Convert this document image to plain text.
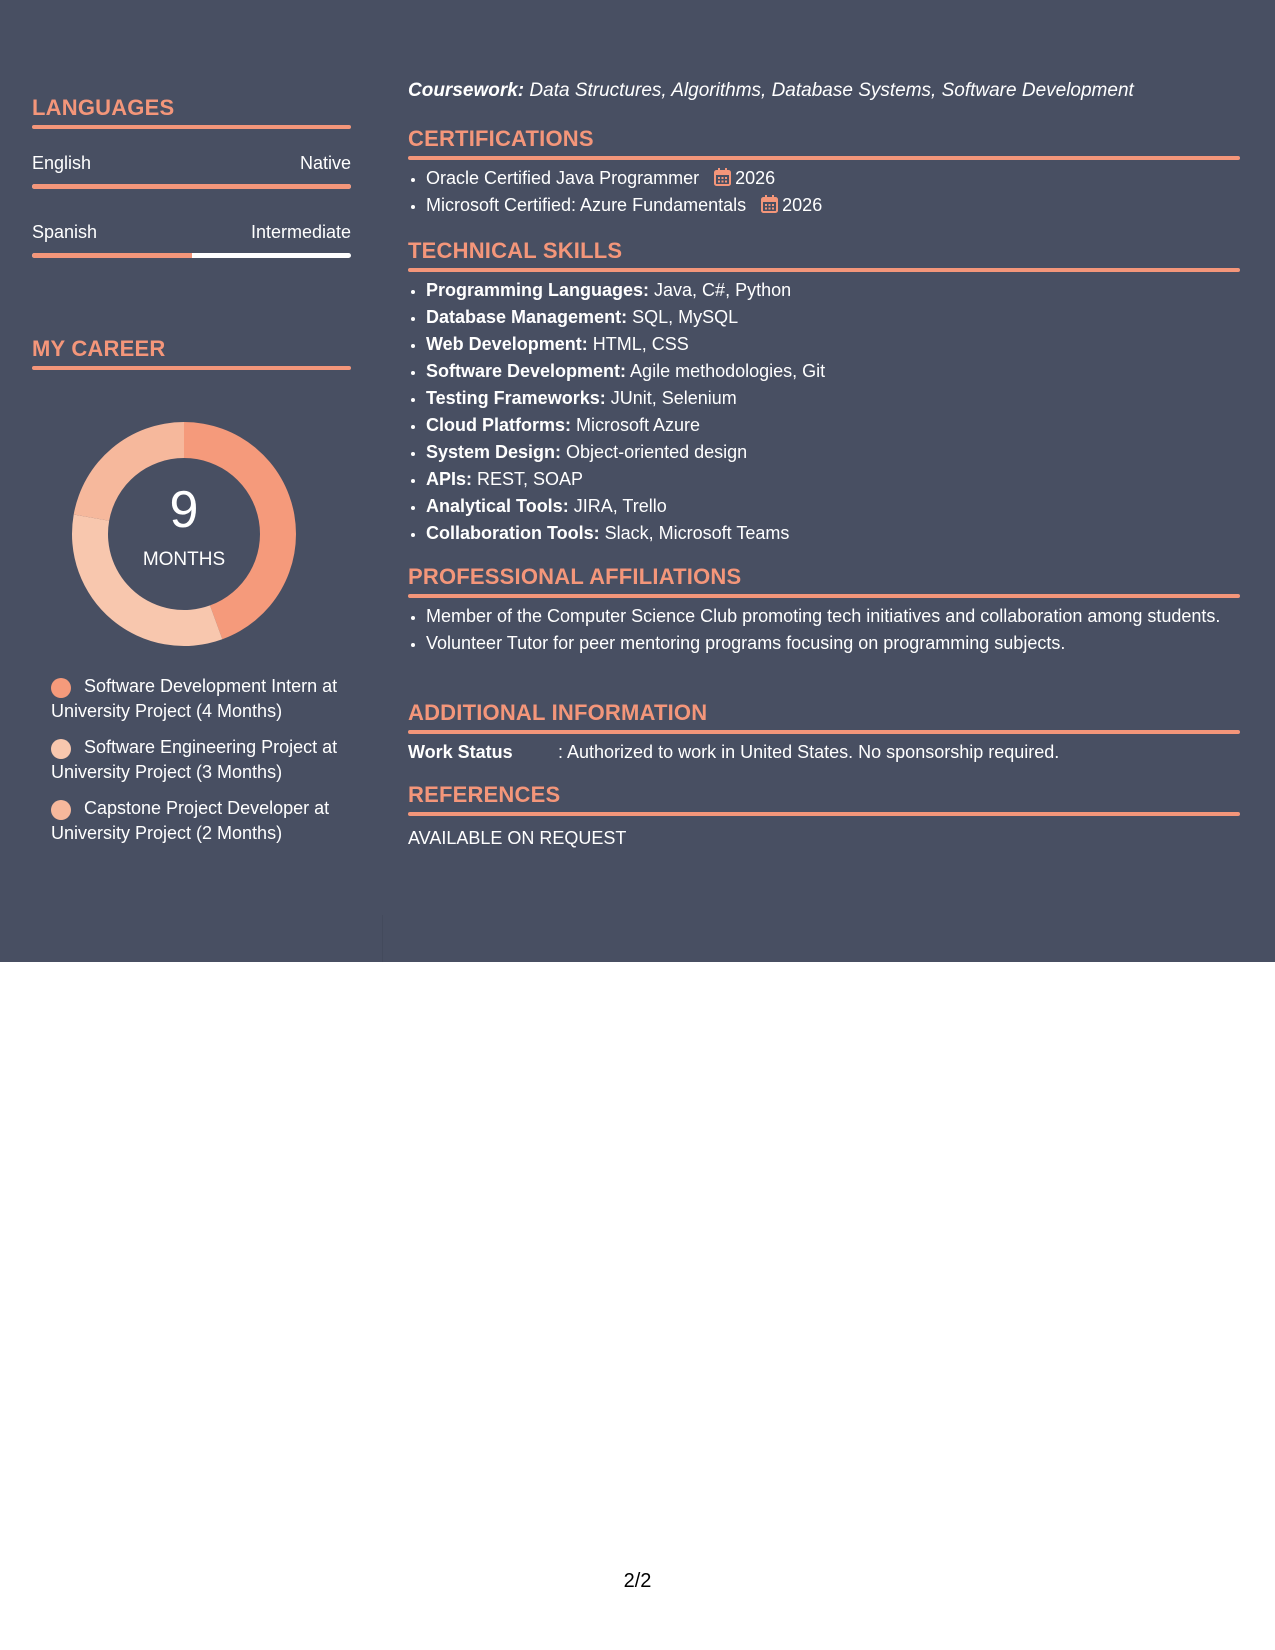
LANGUAGES
English	Native
Spanish	Intermediate
MY CAREER
9
MONTHS
Software Development Intern at University Project (4 Months)
Software Engineering Project at University Project (3 Months)
Capstone Project Developer at University Project (2 Months)
Coursework: Data Structures, Algorithms, Database Systems, Software Development
CERTIFICATIONS
• Oracle Certified Java Programmer 2026
• Microsoft Certified: Azure Fundamentals 2026
TECHNICAL SKILLS
• Programming Languages: Java, C#, Python
• Database Management: SQL, MySQL
• Web Development: HTML, CSS
• Software Development: Agile methodologies, Git
• Testing Frameworks: JUnit, Selenium
• Cloud Platforms: Microsoft Azure
• System Design: Object-oriented design
• APIs: REST, SOAP
• Analytical Tools: JIRA, Trello
• Collaboration Tools: Slack, Microsoft Teams
PROFESSIONAL AFFILIATIONS
• Member of the Computer Science Club promoting tech initiatives and collaboration among students.
• Volunteer Tutor for peer mentoring programs focusing on programming subjects.
ADDITIONAL INFORMATION
Work Status	: Authorized to work in United States. No sponsorship required.
REFERENCES
AVAILABLE ON REQUEST
2/2
